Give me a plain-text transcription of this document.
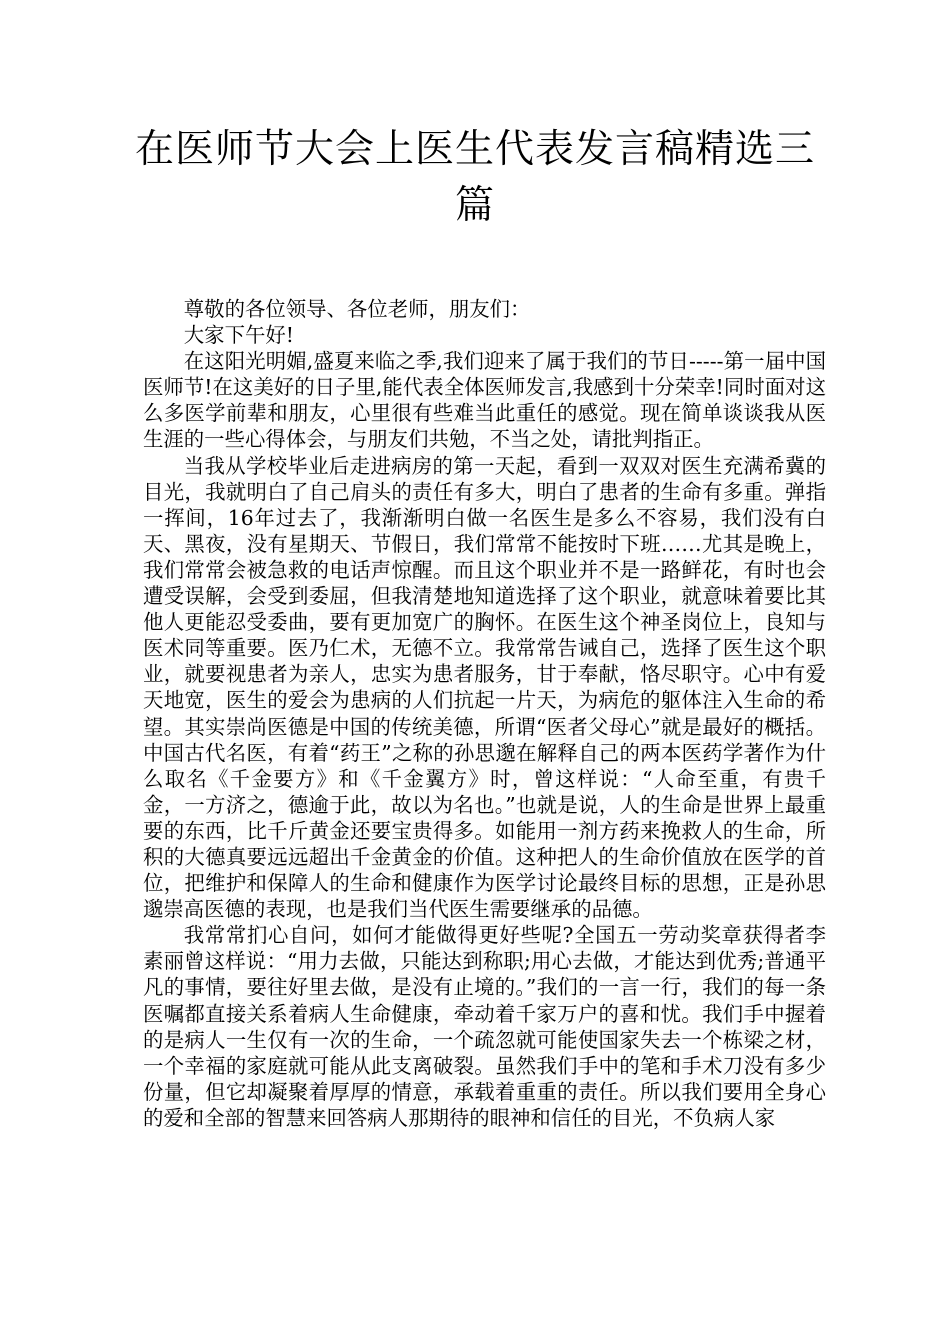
在医师节大会上医生代表发言稿精选三篇

尊敬的各位领导、各位老师，朋友们：

大家下午好!

在这阳光明媚,盛夏来临之季,我们迎来了属于我们的节日-----第一届中国医师节!在这美好的日子里,能代表全体医师发言,我感到十分荣幸!同时面对这么多医学前辈和朋友，心里很有些难当此重任的感觉。现在简单谈谈我从医生涯的一些心得体会，与朋友们共勉，不当之处，请批判指正。

当我从学校毕业后走进病房的第一天起，看到一双双对医生充满希冀的目光，我就明白了自己肩头的责任有多大，明白了患者的生命有多重。弹指一挥间，16年过去了，我渐渐明白做一名医生是多么不容易，我们没有白天、黑夜，没有星期天、节假日，我们常常不能按时下班……尤其是晚上，我们常常会被急救的电话声惊醒。而且这个职业并不是一路鲜花，有时也会遭受误解，会受到委屈，但我清楚地知道选择了这个职业，就意味着要比其他人更能忍受委曲，要有更加宽广的胸怀。在医生这个神圣岗位上，良知与医术同等重要。医乃仁术，无德不立。我常常告诫自己，选择了医生这个职业，就要视患者为亲人，忠实为患者服务，甘于奉献，恪尽职守。心中有爱天地宽，医生的爱会为患病的人们抗起一片天，为病危的躯体注入生命的希望。其实崇尚医德是中国的传统美德，所谓“医者父母心”就是最好的概括。中国古代名医，有着“药王”之称的孙思邈在解释自己的两本医药学著作为什么取名《千金要方》和《千金翼方》时，曾这样说：“人命至重，有贵千金，一方济之，德逾于此，故以为名也。”也就是说，人的生命是世界上最重要的东西，比千斤黄金还要宝贵得多。如能用一剂方药来挽救人的生命，所积的大德真要远远超出千金黄金的价值。这种把人的生命价值放在医学的首位，把维护和保障人的生命和健康作为医学讨论最终目标的思想，正是孙思邈崇高医德的表现，也是我们当代医生需要继承的品德。

我常常扪心自问，如何才能做得更好些呢?全国五一劳动奖章获得者李素丽曾这样说：“用力去做，只能达到称职;用心去做，才能达到优秀;普通平凡的事情，要往好里去做，是没有止境的。”我们的一言一行，我们的每一条医嘱都直接关系着病人生命健康，牵动着千家万户的喜和忧。我们手中握着的是病人一生仅有一次的生命，一个疏忽就可能使国家失去一个栋梁之材，一个幸福的家庭就可能从此支离破裂。虽然我们手中的笔和手术刀没有多少份量，但它却凝聚着厚厚的情意，承载着重重的责任。所以我们要用全身心的爱和全部的智慧来回答病人那期待的眼神和信任的目光，不负病人家
